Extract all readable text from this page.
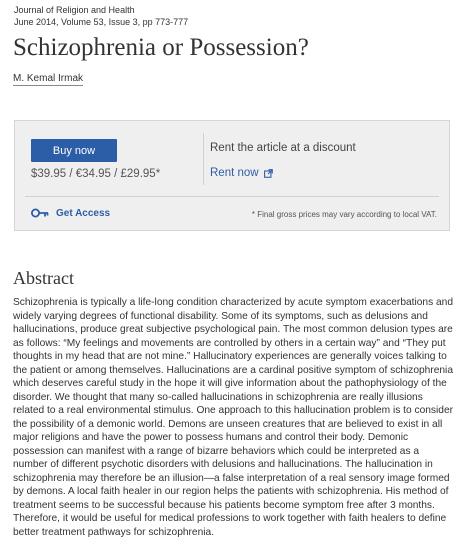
Journal of Religion and Health
June 2014, Volume 53, Issue 3, pp 773-777
Schizophrenia or Possession?
M. Kemal Irmak
Buy now
$39.95 / €34.95 / £29.95*
Rent the article at a discount
Rent now
Get Access	* Final gross prices may vary according to local VAT.
Abstract
Schizophrenia is typically a life-long condition characterized by acute symptom exacerbations and widely varying degrees of functional disability. Some of its symptoms, such as delusions and hallucinations, produce great subjective psychological pain. The most common delusion types are as follows: “My feelings and movements are controlled by others in a certain way” and “They put thoughts in my head that are not mine.” Hallucinatory experiences are generally voices talking to the patient or among themselves. Hallucinations are a cardinal positive symptom of schizophrenia which deserves careful study in the hope it will give information about the pathophysiology of the disorder. We thought that many so-called hallucinations in schizophrenia are really illusions related to a real environmental stimulus. One approach to this hallucination problem is to consider the possibility of a demonic world. Demons are unseen creatures that are believed to exist in all major religions and have the power to possess humans and control their body. Demonic possession can manifest with a range of bizarre behaviors which could be interpreted as a number of different psychotic disorders with delusions and hallucinations. The hallucination in schizophrenia may therefore be an illusion—a false interpretation of a real sensory image formed by demons. A local faith healer in our region helps the patients with schizophrenia. His method of treatment seems to be successful because his patients become symptom free after 3 months. Therefore, it would be useful for medical professions to work together with faith healers to define better treatment pathways for schizophrenia.
